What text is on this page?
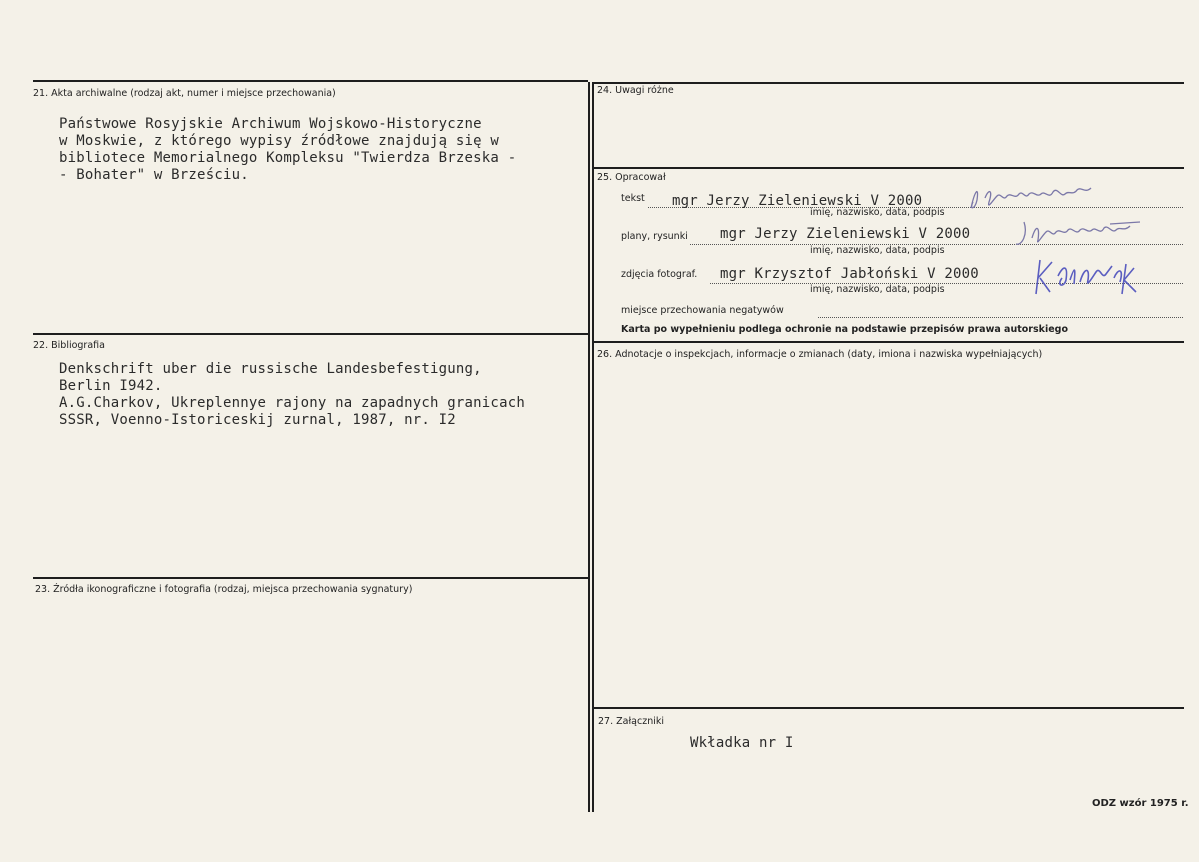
21. Akta archiwalne (rodzaj akt, numer i miejsce przechowania)
Państwowe Rosyjskie Archiwum Wojskowo-Historyczne
w Moskwie, z którego wypisy źródłowe znajdują się w
bibliotece Memorialnego Kompleksu "Twierdza Brzeska -
- Bohater" w Brześciu.
22. Bibliografia
Denkschrift uber die russische Landesbefestigung,
Berlin I942.
A.G.Charkov, Ukreplennye rajony na zapadnych granicach
SSSR, Voenno-Istoriceskij zurnal, 1987, nr. I2
23. Źródła ikonograficzne i fotografia (rodzaj, miejsca przechowania sygnatury)
24. Uwagi różne
25. Opracował
tekst mgr Jerzy Zieleniewski V 2000
imię, nazwisko, data, podpis
plany, rysunki mgr Jerzy Zieleniewski V 2000
imię, nazwisko, data, podpis
zdjęcia fotograf. mgr Krzysztof Jabłoński V 2000
imię, nazwisko, data, podpis
miejsce przechowania negatywów
Karta po wypełnieniu podlega ochronie na podstawie przepisów prawa autorskiego
26. Adnotacje o inspekcjach, informacje o zmianach (daty, imiona i nazwiska wypełniających)
27. Załączniki
Wkładka nr I
ODZ wzór 1975 r.
